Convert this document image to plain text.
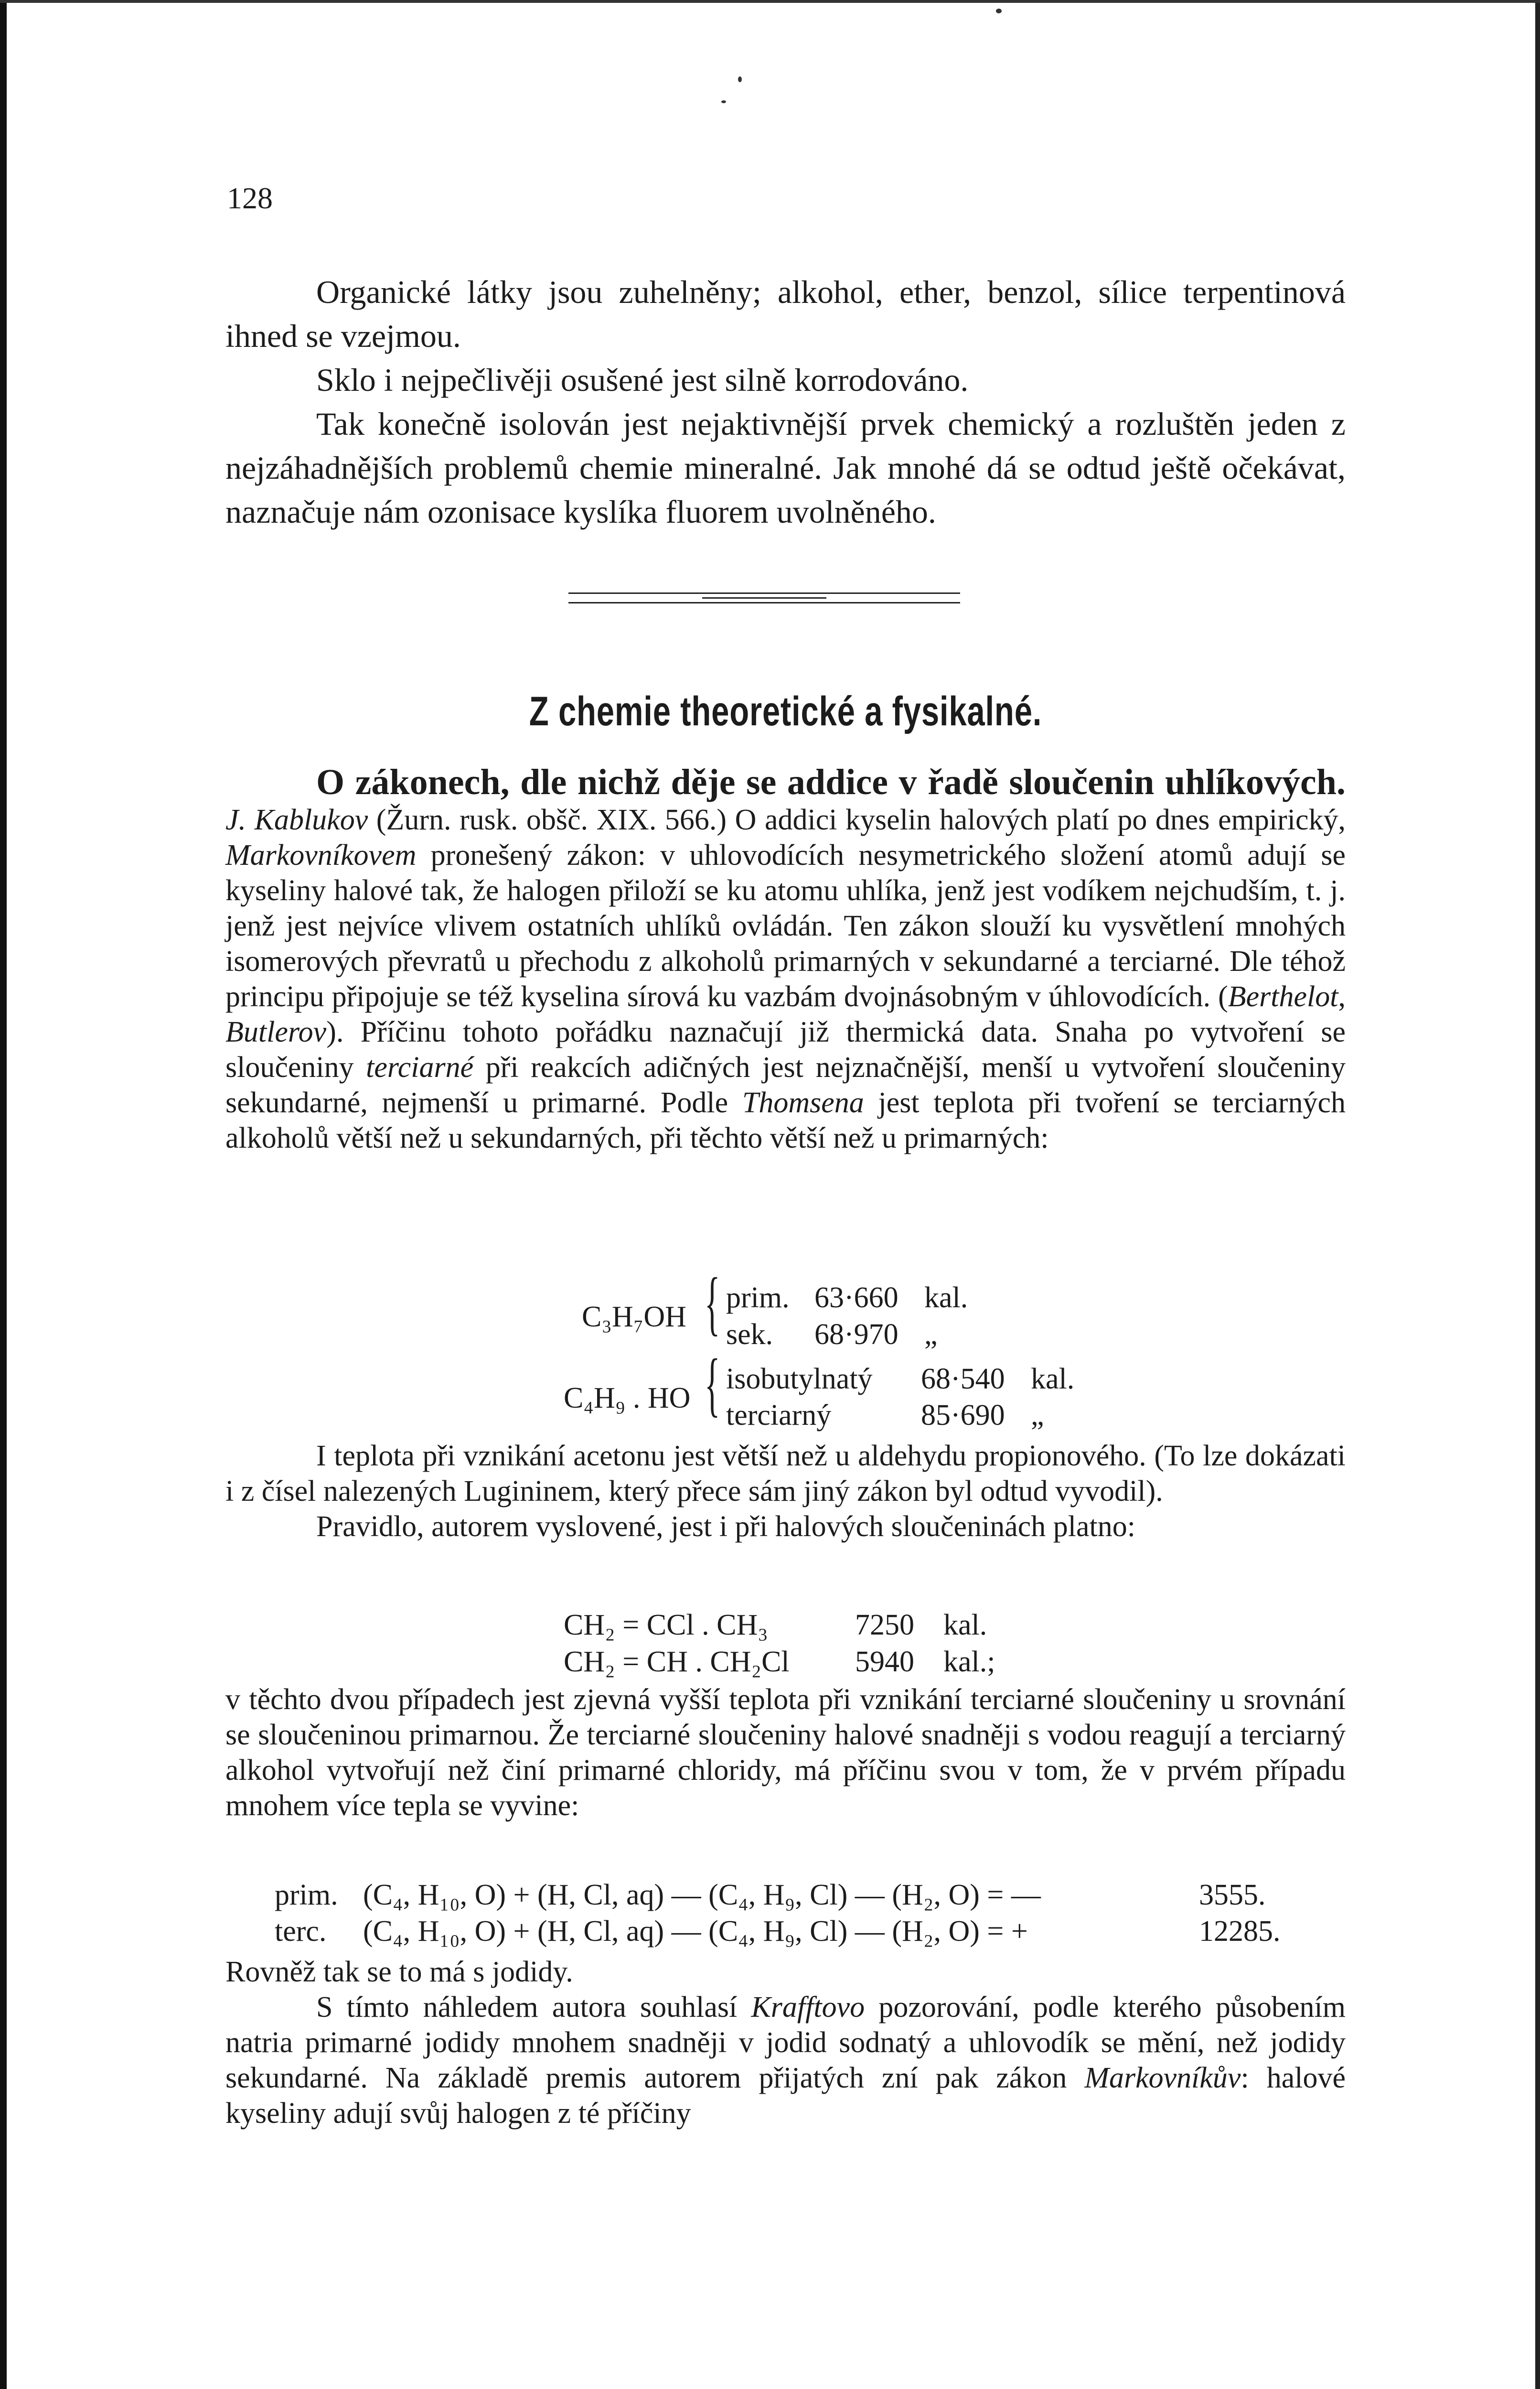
128

Organické látky jsou zuhelněny; alkohol, ether, benzol, sílice terpentinová ihned se vzejmou.

Sklo i nejpečlivěji osušené jest silně korrodováno.

Tak konečně isolován jest nejaktivnější prvek chemický a rozluštěn jeden z nejzáhadnějších problemů chemie mineralné. Jak mnohé dá se odtud ještě očekávat, naznačuje nám ozonisace kyslíka fluorem uvolněného.

Z chemie theoretické a fysikalné.

O zákonech, dle nichž děje se addice v řadě sloučenin uhlíkových. J. Kablukov (Žurn. rusk. obšč. XIX. 566.) O addici kyselin halových platí po dnes empirický, Markovníkovem pronešený zákon: v uhlovodících nesymetrického složení atomů adují se kyseliny halové tak, že halogen přiloží se ku atomu uhlíka, jenž jest vodíkem nejchudším, t. j. jenž jest nejvíce vlivem ostatních uhlíků ovládán. Ten zákon slouží ku vysvětlení mnohých isomerových převratů u přechodu z alkoholů primarných v sekundarné a terciarné. Dle téhož principu připojuje se též kyselina sírová ku vazbám dvojnásobným v úhlovodících. (Berthelot, Butlerov). Příčinu tohoto pořádku naznačují již thermická data. Snaha po vytvoření se sloučeniny terciarné při reakcích adičných jest nejznačnější, menší u vytvoření sloučeniny sekundarné, nejmenší u primarné. Podle Thomsena jest teplota při tvoření se terciarných alkoholů větší než u sekundarných, při těchto větší než u primarných:

C₃H₇OH { prim. 63·660 kal.
sek. 68·970 „
C₄H₉ . HO { isobutylnatý 68·540 kal.
terciarný	85·690 „

I teplota při vznikání acetonu jest větší než u aldehydu propionového. (To lze dokázati i z čísel nalezených Lugininem, který přece sám jiný zákon byl odtud vyvodil).

Pravidlo, autorem vyslovené, jest i při halových sloučeninách platno:

CH₂ = CCl . CH₃	7250 kal.
CH₂ = CH . CH₂Cl 5940 kal.;

v těchto dvou případech jest zjevná vyšší teplota při vznikání terciarné sloučeniny u srovnání se sloučeninou primarnou. Že terciarné sloučeniny halové snadněji s vodou reagují a terciarný alkohol vytvořují než činí primarné chloridy, má příčinu svou v tom, že v prvém případu mnohem více tepla se vyvine:

prim. (C₄, H₁₀, O) + (H, Cl, aq) — (C₄, H₉, Cl) — (H₂, O) = —	3555.
terc. (C₄, H₁₀, O) + (H, Cl, aq) — (C₄, H₉, Cl) — (H₂, O) = +	12285.

Rovněž tak se to má s jodidy.

S tímto náhledem autora souhlasí Krafftovo pozorování, podle kterého působením natria primarné jodidy mnohem snadněji v jodid sodnatý a uhlovodík se mění, než jodidy sekundarné. Na základě premis autorem přijatých zní pak zákon Markovníkův: halové kyseliny adují svůj halogen z té příčiny
